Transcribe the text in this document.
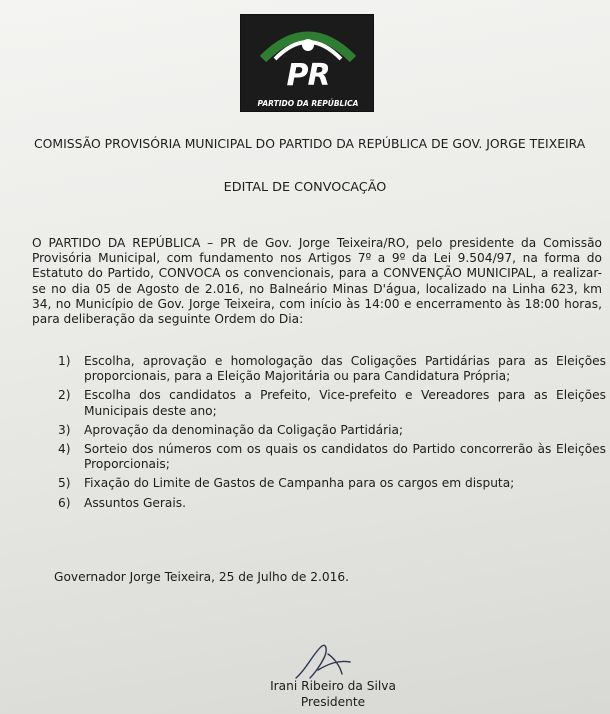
PR
PARTIDO DA REPÚBLICA
COMISSÃO PROVISÓRIA MUNICIPAL DO PARTIDO DA REPÚBLICA DE GOV. JORGE TEIXEIRA
EDITAL DE CONVOCAÇÃO
O PARTIDO DA REPÚBLICA – PR de Gov. Jorge Teixeira/RO, pelo presidente da Comissão Provisória Municipal, com fundamento nos Artigos 7º a 9º da Lei 9.504/97, na forma do Estatuto do Partido, CONVOCA os convencionais, para a CONVENÇÃO MUNICIPAL, a realizar-se no dia 05 de Agosto de 2.016, no Balneário Minas D'água, localizado na Linha 623, km 34, no Município de Gov. Jorge Teixeira, com início às 14:00 e encerramento às 18:00 horas, para deliberação da seguinte Ordem do Dia:
1)	Escolha, aprovação e homologação das Coligações Partidárias para as Eleições proporcionais, para a Eleição Majoritária ou para Candidatura Própria;
2)	Escolha dos candidatos a Prefeito, Vice-prefeito e Vereadores para as Eleições Municipais deste ano;
3)	Aprovação da denominação da Coligação Partidária;
4)	Sorteio dos números com os quais os candidatos do Partido concorrerão às Eleições Proporcionais;
5)	Fixação do Limite de Gastos de Campanha para os cargos em disputa;
6)	Assuntos Gerais.
Governador Jorge Teixeira, 25 de Julho de 2.016.
Irani Ribeiro da Silva
Presidente
